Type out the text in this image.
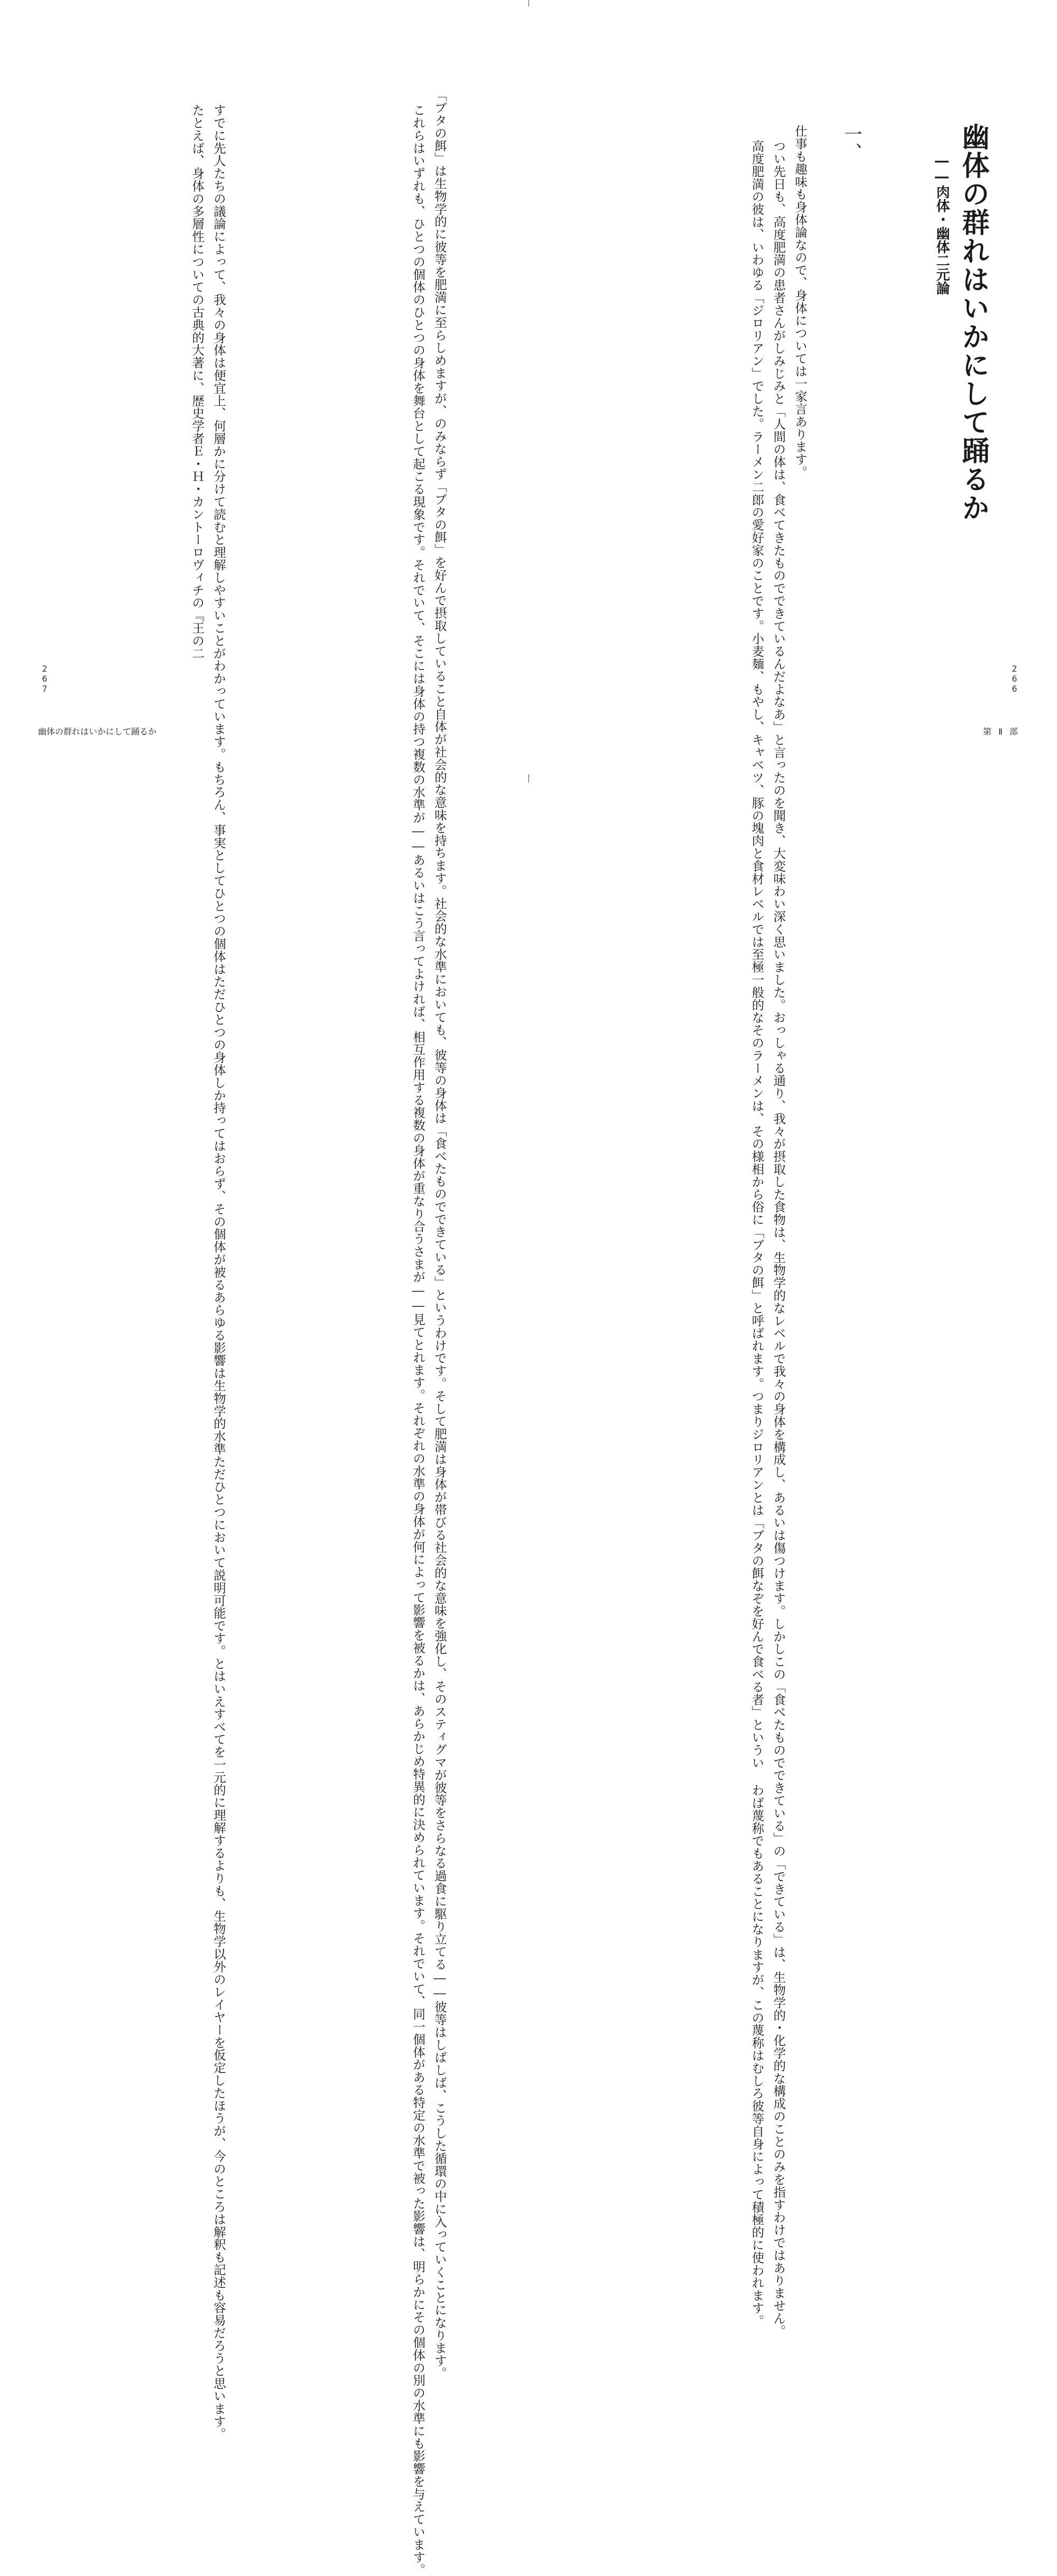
幽体の群れはいかにして踊るか
――肉体・幽体二元論
一、
仕事も趣味も身体論なので、身体については一家言あります。
つい先日も、高度肥満の患者さんがしみじみと「人間の体は、食べてきたものでできているんだよなあ」と言ったのを聞き、大変味わい深く思いました。おっしゃる通り、我々が摂取した食物は、生物学的なレベルで我々の身体を構成し、あるいは傷つけます。しかしこの「食べたものでできている」の「できている」は、生物学的・化学的な構成のことのみを指すわけではありません。
高度肥満の彼は、いわゆる「ジロリアン」でした。ラーメン二郎の愛好家のことです。小麦麺、もやし、キャベツ、豚の塊肉と食材レベルでは至極一般的なそのラーメンは、その様相から俗に「ブタの餌」と呼ばれます。つまりジロリアンとは「ブタの餌なぞを好んで食べる者」というい わば蔑称でもあることになりますが、この蔑称はむしろ彼等自身によって積極的に使われます。
266
第 Ⅱ 部
「ブタの餌」は生物学的に彼等を肥満に至らしめますが、のみならず「ブタの餌」を好んで摂取していること自体が社会的な意味を持ちます。社会的な水準においても、彼等の身体は「食べたものでできている」というわけです。そして肥満は身体が帯びる社会的な意味を強化し、そのスティグマが彼等をさらなる過食に駆り立てる――彼等はしばしば、こうした循環の中に入っていくことになります。
これらはいずれも、ひとつの個体のひとつの身体を舞台として起こる現象です。それでいて、そこには身体の持つ複数の水準が――あるいはこう言ってよければ、相互作用する複数の身体が重なり合うさまが――見てとれます。それぞれの水準の身体が何によって影響を被るかは、あらかじめ特異的に決められています。それでいて、同一個体がある特定の水準で被った影響は、明らかにその個体の別の水準にも影響を与えています。
すでに先人たちの議論によって、我々の身体は便宜上、何層かに分けて読むと理解しやすいことがわかっています。もちろん、事実としてひとつの個体はただひとつの身体しか持ってはおらず、その個体が被るあらゆる影響は生物学的水準ただひとつにおいて説明可能です。とはいえすべてを一元的に理解するよりも、生物学以外のレイヤーを仮定したほうが、今のところは解釈も記述も容易だろうと思います。
たとえば、身体の多層性についての古典的大著に、歴史学者Ｅ・Ｈ・カントーロヴィチの『王の二
267
幽体の群れはいかにして踊るか
